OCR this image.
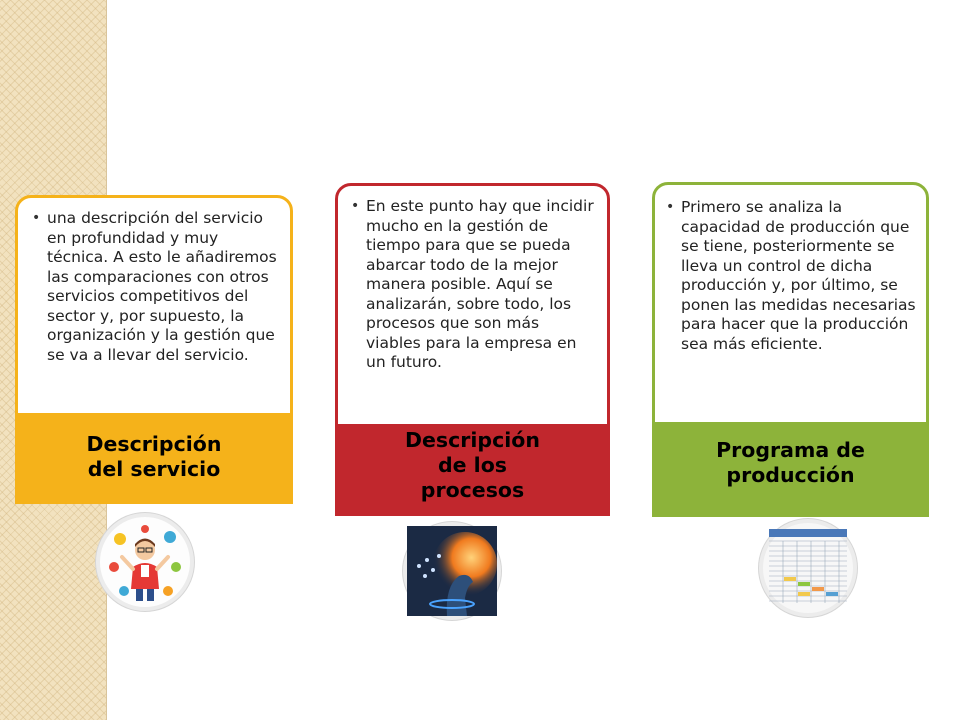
• una descripción del servicio en profundidad y muy técnica. A esto le añadiremos las comparaciones con otros servicios competitivos del sector y, por supuesto, la organización y la gestión que se va a llevar del servicio.
Descripción
del servicio
• En este punto hay que incidir mucho en la gestión de tiempo para que se pueda abarcar todo de la mejor manera posible. Aquí se analizarán, sobre todo, los procesos que son más viables para la empresa en un futuro.
Descripción
de los
procesos
• Primero se analiza la capacidad de producción que se tiene, posteriormente se lleva un control de dicha producción y, por último, se ponen las medidas necesarias para hacer que la producción sea más eficiente.
Programa de
producción
